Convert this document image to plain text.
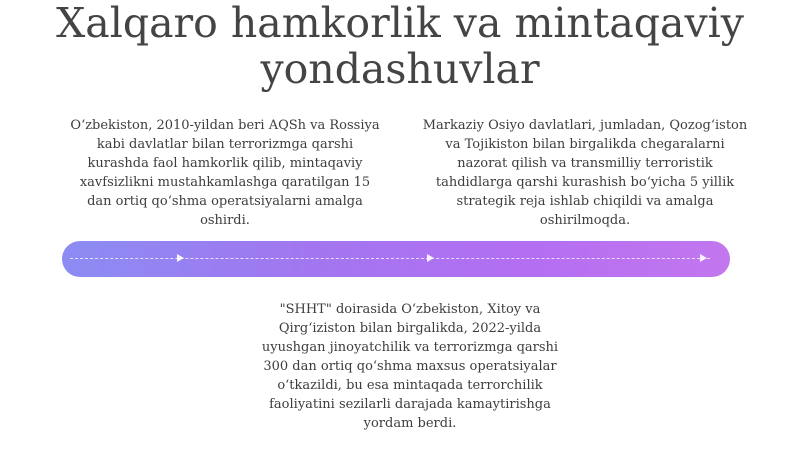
Xalqaro hamkorlik va mintaqaviy yondashuvlar
O‘zbekiston, 2010-yildan beri AQSh va Rossiya kabi davlatlar bilan terrorizmga qarshi kurashda faol hamkorlik qilib, mintaqaviy xavfsizlikni mustahkamlashga qaratilgan 15 dan ortiq qo‘shma operatsiyalarni amalga oshirdi.
Markaziy Osiyo davlatlari, jumladan, Qozog‘iston va Tojikiston bilan birgalikda chegaralarni nazorat qilish va transmilliy terroristik tahdidlarga qarshi kurashish bo‘yicha 5 yillik strategik reja ishlab chiqildi va amalga oshirilmoqda.
"SHHT" doirasida O‘zbekiston, Xitoy va Qirg‘iziston bilan birgalikda, 2022-yilda uyushgan jinoyatchilik va terrorizmga qarshi 300 dan ortiq qo‘shma maxsus operatsiyalar o‘tkazildi, bu esa mintaqada terrorchilik faoliyatini sezilarli darajada kamaytirishga yordam berdi.
